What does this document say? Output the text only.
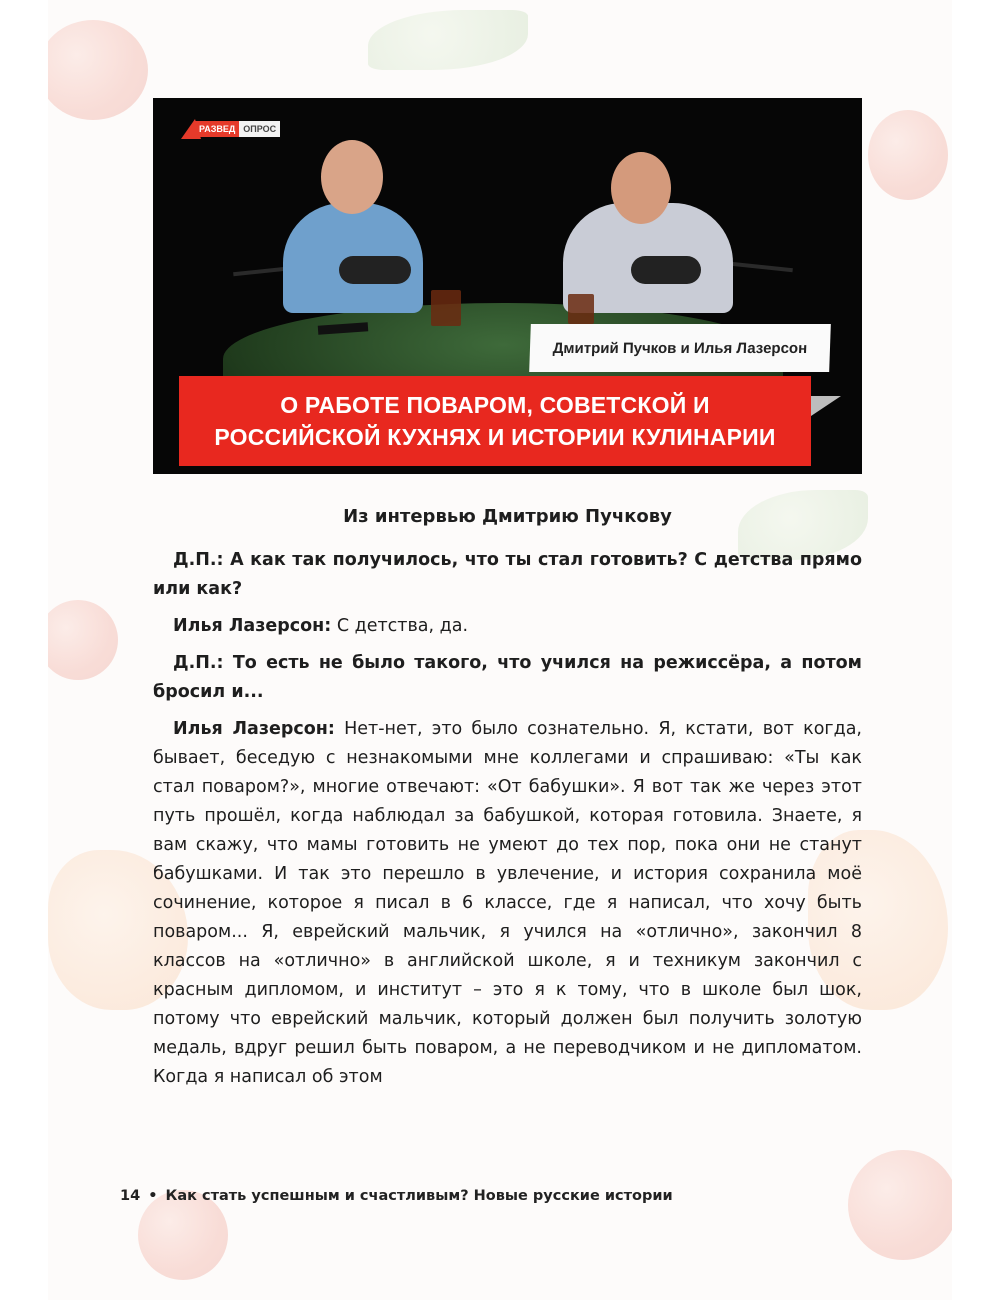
РАЗВЕД ОПРОС
Дмитрий Пучков и Илья Лазерсон
О РАБОТЕ ПОВАРОМ, СОВЕТСКОЙ И
РОССИЙСКОЙ КУХНЯХ И ИСТОРИИ КУЛИНАРИИ
Из интервью Дмитрию Пучкову

Д.П.: А как так получилось, что ты стал готовить? С детства прямо или как?

Илья Лазерсон: С детства, да.

Д.П.: То есть не было такого, что учился на режиссёра, а потом бросил и...

Илья Лазерсон: Нет-нет, это было сознательно. Я, кстати, вот когда, бывает, беседую с незнакомыми мне коллегами и спрашиваю: «Ты как стал поваром?», многие отвечают: «От бабушки». Я вот так же через этот путь прошёл, когда наблюдал за бабушкой, которая готовила. Знаете, я вам скажу, что мамы готовить не умеют до тех пор, пока они не станут бабушками. И так это перешло в увлечение, и история сохранила моё сочинение, которое я писал в 6 классе, где я написал, что хочу быть поваром... Я, еврейский мальчик, я учился на «отлично», закончил 8 классов на «отлично» в английской школе, я и техникум закончил с красным дипломом, и институт – это я к тому, что в школе был шок, потому что еврейский мальчик, который должен был получить золотую медаль, вдруг решил быть поваром, а не переводчиком и не дипломатом. Когда я написал об этом

14 • Как стать успешным и счастливым? Новые русские истории
